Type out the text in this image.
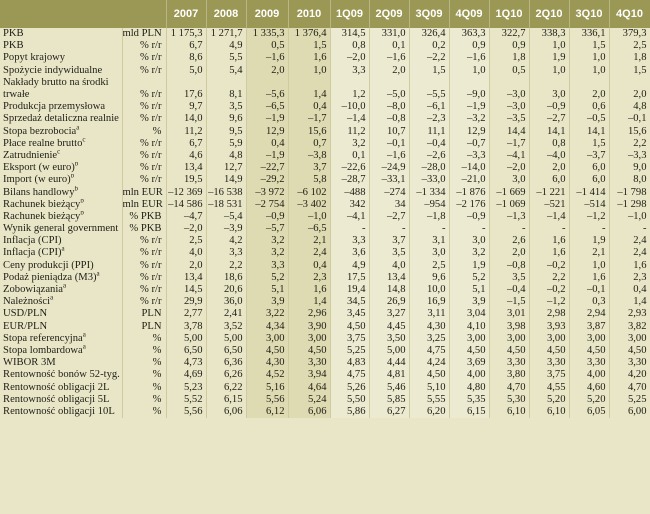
		2007	2008	2009	2010	1Q09	2Q09	3Q09	4Q09	1Q10	2Q10	3Q10	4Q10
PKB	mld PLN	1 175,3	1 271,7	1 335,3	1 376,4	314,5	331,0	326,4	363,3	322,7	338,3	336,1	379,3
PKB	% r/r	6,7	4,9	0,5	1,5	0,8	0,1	0,2	0,9	0,9	1,0	1,5	2,5
Popyt krajowy	% r/r	8,6	5,5	–1,6	1,6	–2,0	–1,6	–2,2	–1,6	1,8	1,9	1,0	1,8
Spożycie indywidualne	% r/r	5,0	5,4	2,0	1,0	3,3	2,0	1,5	1,0	0,5	1,0	1,0	1,5
Nakłady brutto na środki													
trwałe	% r/r	17,6	8,1	–5,6	1,4	1,2	–5,0	–5,5	–9,0	–3,0	3,0	2,0	2,0
Produkcja przemysłowa	% r/r	9,7	3,5	–6,5	0,4	–10,0	–8,0	–6,1	–1,9	–3,0	–0,9	0,6	4,8
Sprzedaż detaliczna realnie	% r/r	14,0	9,6	–1,9	–1,7	–1,4	–0,8	–2,3	–3,2	–3,5	–2,7	–0,5	–0,1
Stopa bezrobocia$^a$	%	11,2	9,5	12,9	15,6	11,2	10,7	11,1	12,9	14,4	14,1	14,1	15,6
Płace realne brutto$^c$	% r/r	6,7	5,9	0,4	0,7	3,2	–0,1	–0,4	–0,7	–1,7	0,8	1,5	2,2
Zatrudnienie$^c$	% r/r	4,6	4,8	–1,9	–3,8	0,1	–1,6	–2,6	–3,3	–4,1	–4,0	–3,7	–3,3
Eksport (w euro)$^b$	% r/r	13,4	12,7	–22,7	3,7	–22,6	–24,9	–28,0	–14,0	–2,0	2,0	6,0	9,0
Import (w euro)$^b$	% r/r	19,5	14,9	–29,2	5,8	–28,7	–33,1	–33,0	–21,0	3,0	6,0	6,0	8,0
Bilans handlowy$^b$	mln EUR	–12 369	–16 538	–3 972	–6 102	–488	–274	–1 334	–1 876	–1 669	–1 221	–1 414	–1 798
Rachunek bieżący$^b$	mln EUR	–14 586	–18 531	–2 754	–3 402	342	34	–954	–2 176	–1 069	–521	–514	–1 298
Rachunek bieżący$^b$	% PKB	–4,7	–5,4	–0,9	–1,0	–4,1	–2,7	–1,8	–0,9	–1,3	–1,4	–1,2	–1,0
Wynik general government	% PKB	–2,0	–3,9	–5,7	–6,5	-	-	-	-	-	-	-	-
Inflacja (CPI)	% r/r	2,5	4,2	3,2	2,1	3,3	3,7	3,1	3,0	2,6	1,6	1,9	2,4
Inflacja (CPI)$^a$	% r/r	4,0	3,3	3,2	2,4	3,6	3,5	3,0	3,2	2,0	1,6	2,1	2,4
Ceny produkcji (PPI)	% r/r	2,0	2,2	3,3	0,4	4,9	4,0	2,5	1,9	–0,8	–0,2	1,0	1,6
Podaż pieniądza $(M3)^a$	% r/r	13,4	18,6	5,2	2,3	17,5	13,4	9,6	5,2	3,5	2,2	1,6	2,3
Zobowiązania$^a$	% r/r	14,5	20,6	5,1	1,6	19,4	14,8	10,0	5,1	–0,4	–0,2	–0,1	0,4
Należności$^a$	% r/r	29,9	36,0	3,9	1,4	34,5	26,9	16,9	3,9	–1,5	–1,2	0,3	1,4
USD/PLN	PLN	2,77	2,41	3,22	2,96	3,45	3,27	3,11	3,04	3,01	2,98	2,94	2,93
EUR/PLN	PLN	3,78	3,52	4,34	3,90	4,50	4,45	4,30	4,10	3,98	3,93	3,87	3,82
Stopa referencyjna$^a$	%	5,00	5,00	3,00	3,00	3,75	3,50	3,25	3,00	3,00	3,00	3,00	3,00
Stopa lombardowa$^a$	%	6,50	6,50	4,50	4,50	5,25	5,00	4,75	4,50	4,50	4,50	4,50	4,50
WIBOR 3M	%	4,73	6,36	4,30	3,30	4,83	4,44	4,24	3,69	3,30	3,30	3,30	3,30
Rentowność bonów 52-tyg.	%	4,69	6,26	4,52	3,94	4,75	4,81	4,50	4,00	3,80	3,75	4,00	4,20
Rentowność obligacji 2L	%	5,23	6,22	5,16	4,64	5,26	5,46	5,10	4,80	4,70	4,55	4,60	4,70
Rentowność obligacji 5L	%	5,52	6,15	5,56	5,24	5,50	5,85	5,55	5,35	5,30	5,20	5,20	5,25
Rentowność obligacji 10L	%	5,56	6,06	6,12	6,06	5,86	6,27	6,20	6,15	6,10	6,10	6,05	6,00
